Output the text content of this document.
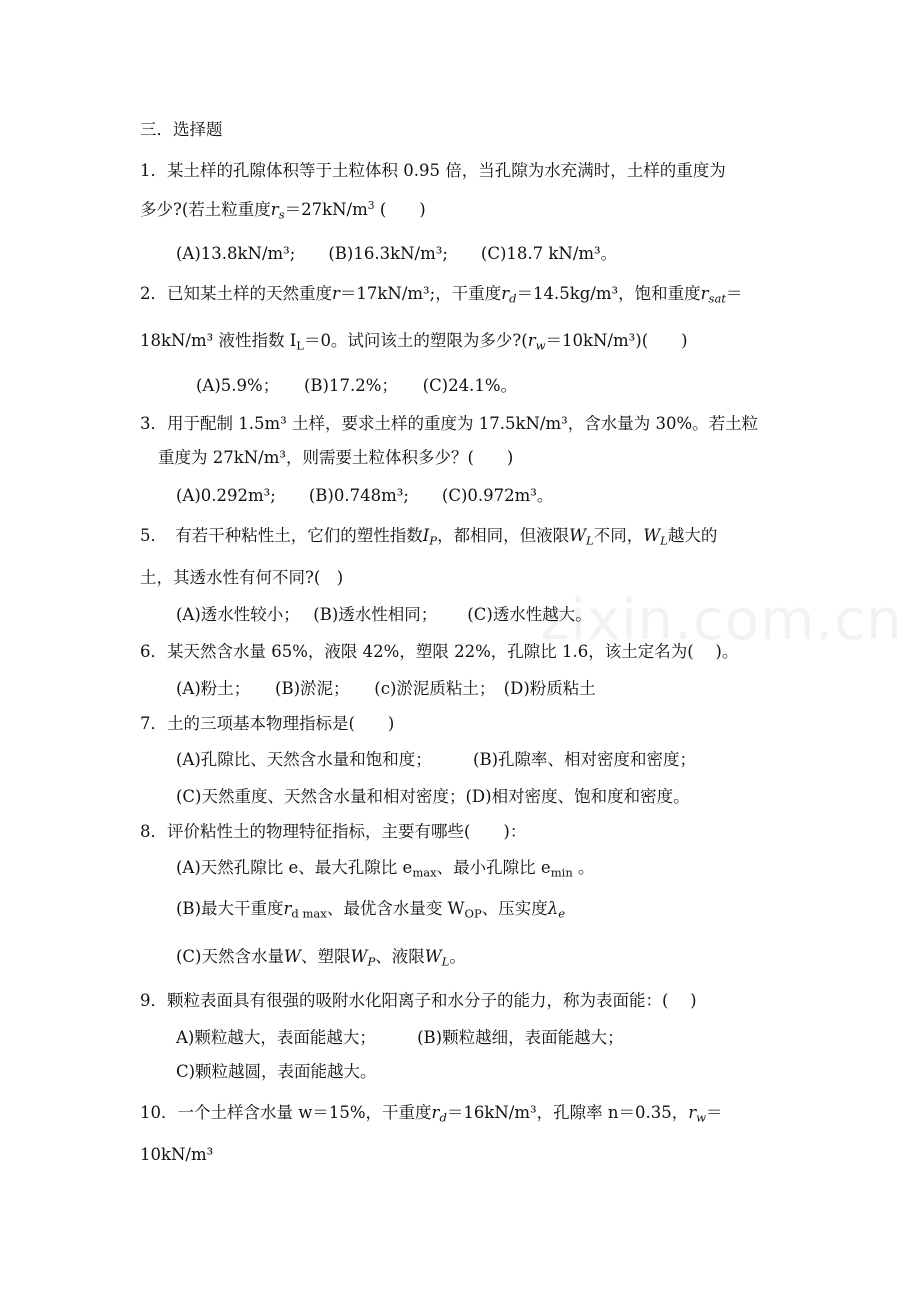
zixin.com.cn
三．选择题
1．某土样的孔隙体积等于土粒体积 0.95 倍，当孔隙为水充满时，土样的重度为
多少?(若土粒重度$r_s=27kN/m^3$ (　　)
(A)13.8kN/m³;　　(B)16.3kN/m³;　　(C)18.7 kN/m³。
2．已知某土样的天然重度r＝17kN/m³;，干重度$r_d=14.5kg/m^3$，饱和重度$r_{sat}=$
18kN/m³ 液性指数 $I_L=0$。试问该土的塑限为多少$?(r_w=10kN/m^3)$(　　)
(A)5.9%；　　(B)17.2%；　　(C)24.1%。
3．用于配制 1.5m³ 土样，要求土样的重度为 17.5kN/m³，含水量为 30%。若土粒
重度为 27kN/m³，则需要土粒体积多少？(　　)
(A)0.292m³;　　(B)0.748m³;　　(C)0.972m³。
5．　有若干种粘性土，它们的塑性指数$I_P$，都相同，但液限$W_L$不同，$W_L$越大的
土，其透水性有何不同?(　)
(A)透水性较小；　 (B)透水性相同；　　 (C)透水性越大。
6．某天然含水量 65%，液限 42%，塑限 22%，孔隙比 1.6，该土定名为(　 )。
(A)粉土；　　(B)淤泥；　　(c)淤泥质粘土；　(D)粉质粘土
7．土的三项基本物理指标是(　　)
(A)孔隙比、天然含水量和饱和度；　　　(B)孔隙率、相对密度和密度；
(C)天然重度、天然含水量和相对密度；(D)相对密度、饱和度和密度。
8．评价粘性土的物理特征指标，主要有哪些(　　)：
(A)天然孔隙比 e、最大孔隙比 $e_{max}$、最小孔隙比 $e_{min}$ 。
(B)最大干重度$r_{d max}$、最优含水量变 $W_{OP}$、压实度$\lambda_e$
(C)天然含水量W、塑限$W_P$、液限$W_L$。
9．颗粒表面具有很强的吸附水化阳离子和水分子的能力，称为表面能：(　 )
A)颗粒越大，表面能越大；　　　(B)颗粒越细，表面能越大；
C)颗粒越圆，表面能越大。
10．一个土样含水量 w＝15%，干重度$r_d=16kN/m^3$，孔隙率 n＝0.35，$r_w=$
10kN/m³
